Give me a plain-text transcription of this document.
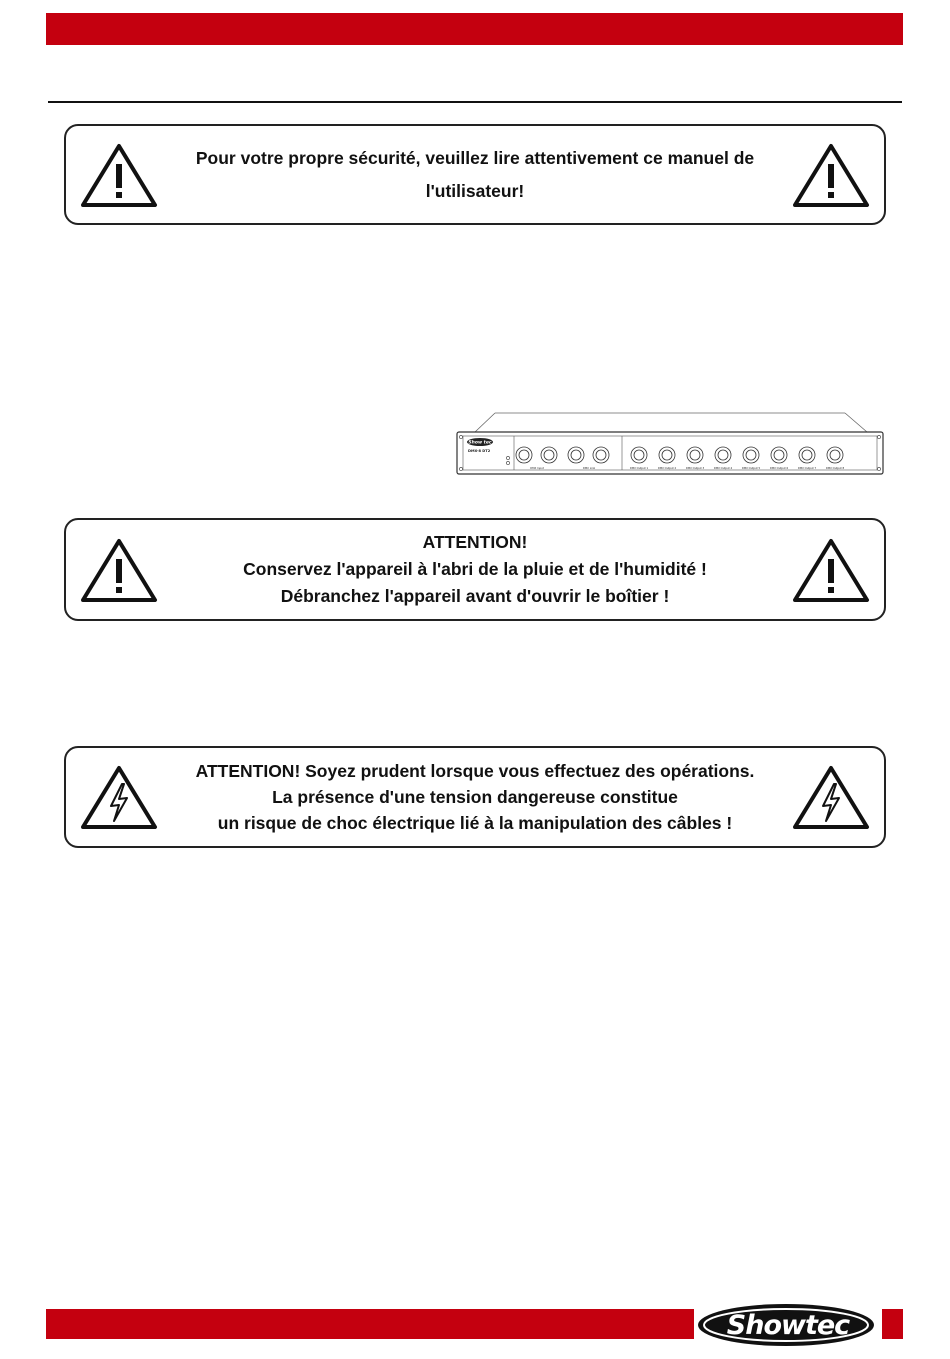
Pour votre propre sécurité, veuillez lire attentivement ce manuel de
l'utilisateur!
Show tec
DMX-8 DT2
DMX Input	DMX Link	DMX Output 1	DMX Output 2	DMX Output 3	DMX Output 4	DMX Output 5	DMX Output 6	DMX Output 7	DMX Output 8
ATTENTION!
Conservez l'appareil à l'abri de la pluie et de l'humidité !
Débranchez l'appareil avant d'ouvrir le boîtier !
ATTENTION! Soyez prudent lorsque vous effectuez des opérations.
La présence d'une tension dangereuse constitue
un risque de choc électrique lié à la manipulation des câbles !
Showtec
